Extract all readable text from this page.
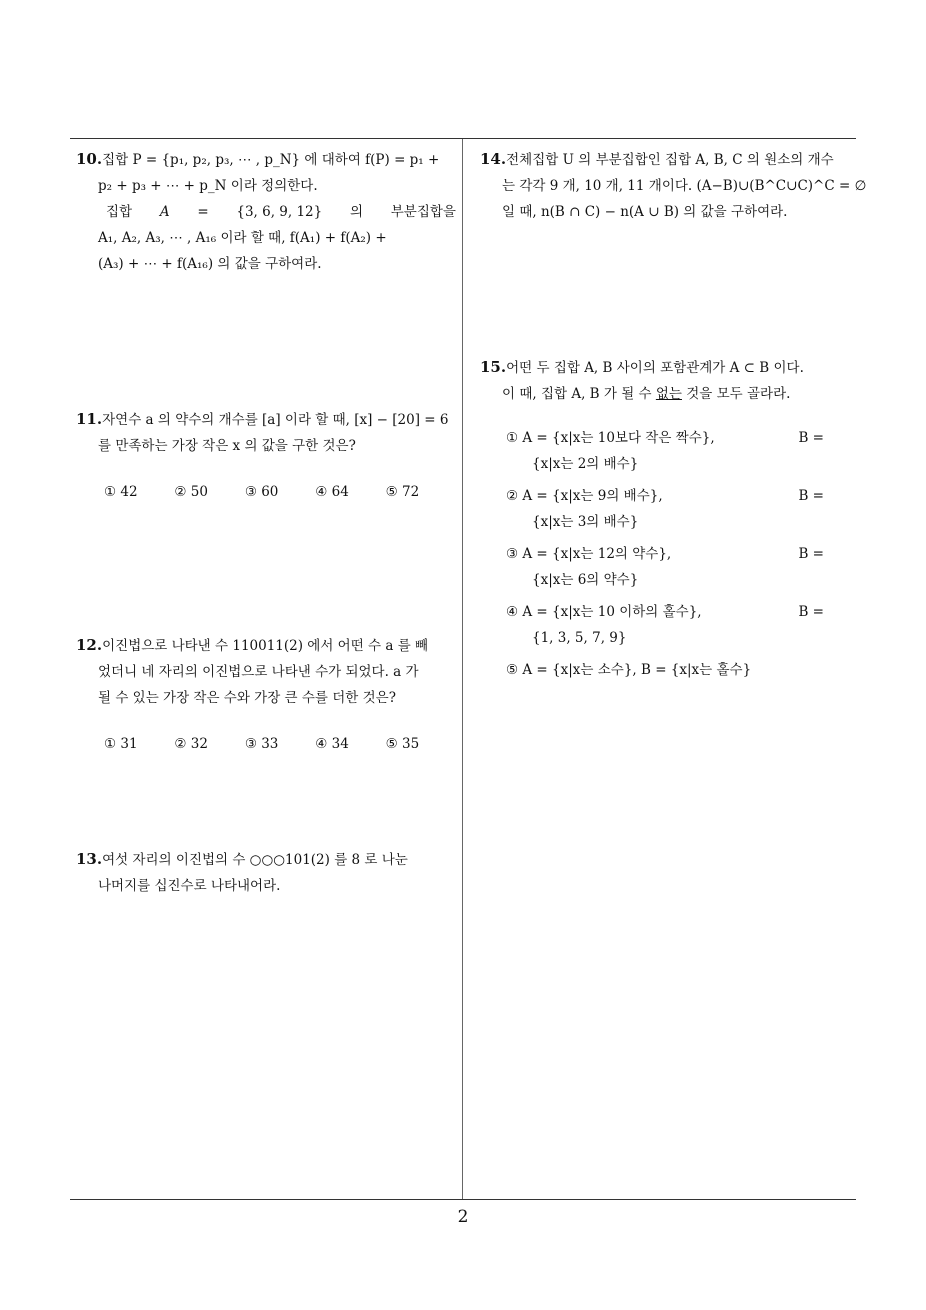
10.집합 P = {p₁, p₂, p₃, ⋯ , p_N} 에 대하여 f(P) = p₁ +
p₂ + p₃ + ⋯ + p_N 이라 정의한다.
집합 A = {3, 6, 9, 12} 의 부분집합을
A₁, A₂, A₃, ⋯ , A₁₆ 이라 할 때, f(A₁) + f(A₂) +
(A₃) + ⋯ + f(A₁₆) 의 값을 구하여라.
11.자연수 a 의 약수의 개수를 [a] 이라 할 때, [x] − [20] = 6
를 만족하는 가장 작은 x 의 값을 구한 것은?
① 42	② 50	③ 60	④ 64	⑤ 72
12.이진법으로 나타낸 수 110011(2) 에서 어떤 수 a 를 빼
었더니 네 자리의 이진법으로 나타낸 수가 되었다. a 가
될 수 있는 가장 작은 수와 가장 큰 수를 더한 것은?
① 31	② 32	③ 33	④ 34	⑤ 35
13.여섯 자리의 이진법의 수 ○○○101(2) 를 8 로 나눈
나머지를 십진수로 나타내어라.
14.전체집합 U 의 부분집합인 집합 A, B, C 의 원소의 개수
는 각각 9 개, 10 개, 11 개이다. (A−B)∪(B^C∪C)^C = ∅
일 때, n(B ∩ C) − n(A ∪ B) 의 값을 구하여라.
15.어떤 두 집합 A, B 사이의 포함관계가 A ⊂ B 이다.
이 때, 집합 A, B 가 될 수 없는 것을 모두 골라라.
① A = {x|x는 10보다 작은 짝수},	B =
{x|x는 2의 배수}
② A = {x|x는 9의 배수},	B =
{x|x는 3의 배수}
③ A = {x|x는 12의 약수},	B =
{x|x는 6의 약수}
④ A = {x|x는 10 이하의 홀수},	B =
{1, 3, 5, 7, 9}
⑤ A = {x|x는 소수}, B = {x|x는 홀수}
2
